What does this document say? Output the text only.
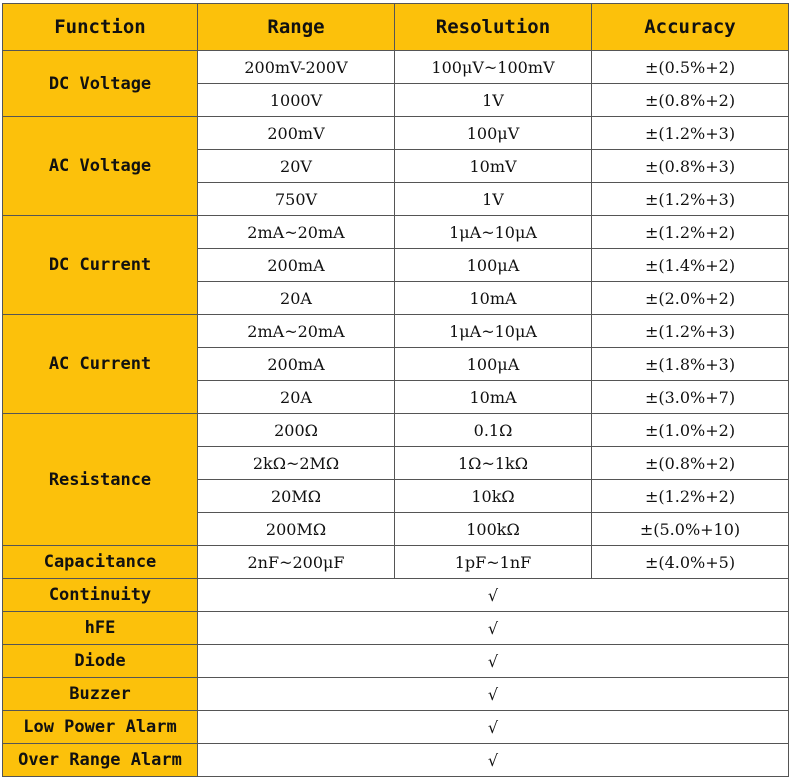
Function	Range	Resolution	Accuracy
DC Voltage	200mV-200V	100μV~100mV	±(0.5%+2)
	1000V	1V	±(0.8%+2)
AC Voltage	200mV	100μV	±(1.2%+3)
	20V	10mV	±(0.8%+3)
	750V	1V	±(1.2%+3)
DC Current	2mA~20mA	1μA~10μA	±(1.2%+2)
	200mA	100μA	±(1.4%+2)
	20A	10mA	±(2.0%+2)
AC Current	2mA~20mA	1μA~10μA	±(1.2%+3)
	200mA	100μA	±(1.8%+3)
	20A	10mA	±(3.0%+7)
Resistance	200Ω	0.1Ω	±(1.0%+2)
	2kΩ~2MΩ	1Ω~1kΩ	±(0.8%+2)
	20MΩ	10kΩ	±(1.2%+2)
	200MΩ	100kΩ	±(5.0%+10)
Capacitance	2nF~200μF	1pF~1nF	±(4.0%+5)
Continuity	√		
hFE	√		
Diode	√		
Buzzer	√		
Low Power Alarm	√		
Over Range Alarm	√		
